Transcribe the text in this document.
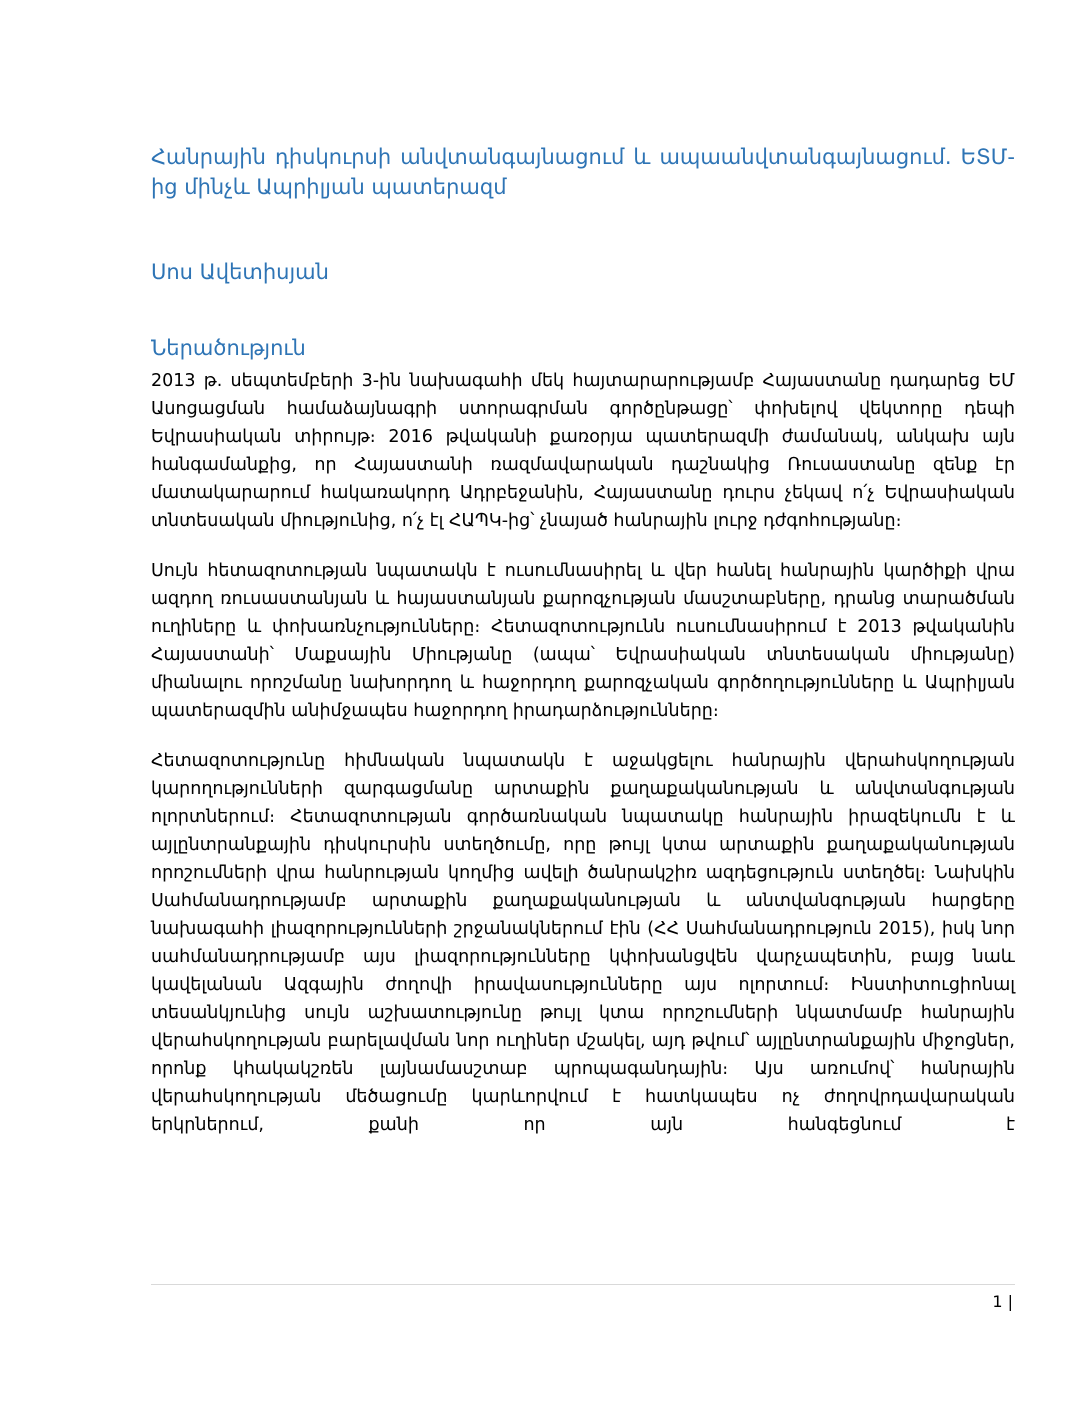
Հանրային դիսկուրսի անվտանգայնացում և ապաանվտանգայնացում. ԵՏՄ-ից մինչև Ապրիլյան պատերազմ
Սոս Ավետիսյան
Ներածություն

2013 թ. սեպտեմբերի 3-ին նախագահի մեկ հայտարարությամբ Հայաստանը դադարեց ԵՄ Ասոցացման համաձայնագրի ստորագրման գործընթացը՝ փոխելով վեկտորը դեպի Եվրասիական տիրույթ։ 2016 թվականի քառօրյա պատերազմի ժամանակ, անկախ այն հանգամանքից, որ Հայաստանի ռազմավարական դաշնակից Ռուսաստանը զենք էր մատակարարում հակառակորդ Ադրբեջանին, Հայաստանը դուրս չեկավ ո՛չ Եվրասիական տնտեսական միությունից, ո՛չ էլ ՀԱՊԿ-ից՝ չնայած հանրային լուրջ դժգոհությանը։

Սույն հետազոտության նպատակն է ուսումնասիրել և վեր հանել հանրային կարծիքի վրա ազդող ռուսաստանյան և հայաստանյան քարոզչության մասշտաբները, դրանց տարածման ուղիները և փոխառնչությունները։ Հետազոտությունն ուսումնասիրում է 2013 թվականին Հայաստանի՝ Մաքսային Միությանը (ապա՝ Եվրասիական տնտեսական միությանը) միանալու որոշմանը նախորդող և հաջորդող քարոզչական գործողությունները և Ապրիլյան պատերազմին անիմջապես հաջորդող իրադարձությունները։

Հետազոտությունը հիմնական նպատակն է աջակցելու հանրային վերահսկողության կարողությունների զարգացմանը արտաքին քաղաքականության և անվտանգության ոլորտներում։ Հետազոտության գործառնական նպատակը հանրային իրազեկումն է և այլընտրանքային դիսկուրսին ստեղծումը, որը թույլ կտա արտաքին քաղաքականության որոշումների վրա հանրության կողմից ավելի ծանրակշիռ ազդեցություն ստեղծել։ Նախկին Սահմանադրությամբ արտաքին քաղաքականության և անտվանգության հարցերը նախագահի լիազորությունների շրջանակներում էին (ՀՀ Սահմանադրություն 2015), իսկ նոր սահմանադրությամբ այս լիազորությունները կփոխանցվեն վարչապետին, բայց նաև կավելանան Ազգային ժողովի իրավասությունները այս ոլորտում։ Ինստիտուցիոնալ տեսանկյունից սույն աշխատությունը թույլ կտա որոշումների նկատմամբ հանրային վերահսկողության բարելավման նոր ուղիներ մշակել, այդ թվում՝ այլընտրանքային միջոցներ, որոնք կհակակշռեն լայնամասշտաբ պրոպագանդային։ Այս առումով՝ հանրային վերահսկողության մեծացումը կարևորվում է հատկապես ոչ ժողովրդավարական երկրներում, քանի որ այն հանգեցնում է

1 |
